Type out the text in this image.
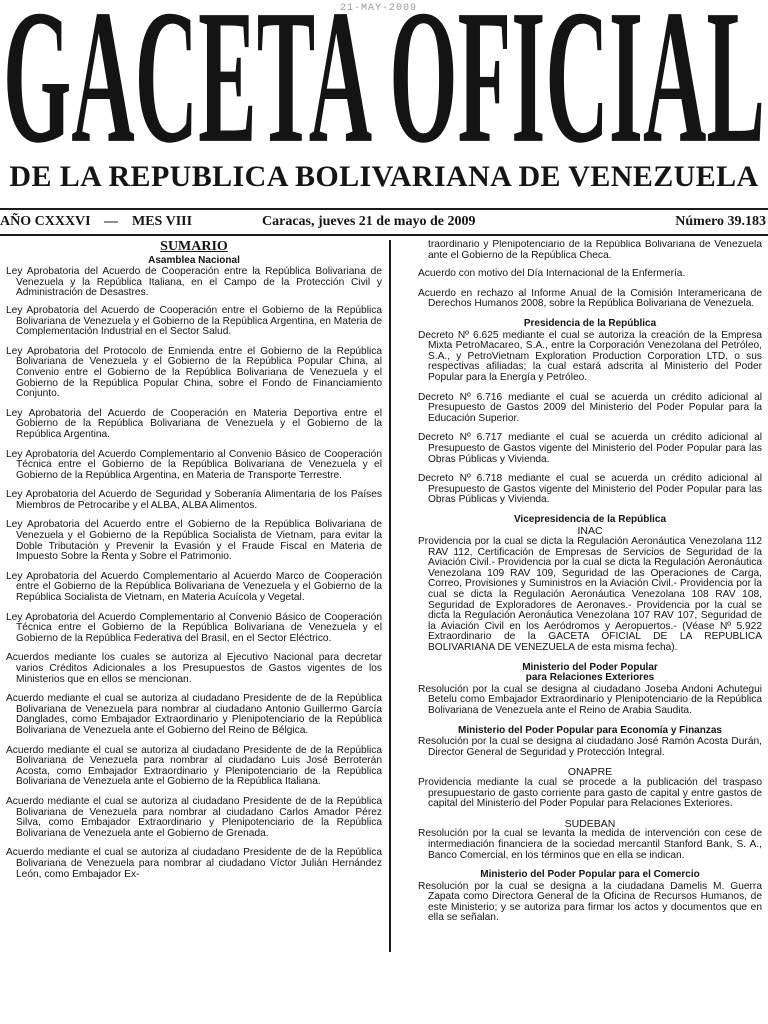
21-MAY-2009
GACETA OFICIAL
DE LA REPUBLICA BOLIVARIANA DE VENEZUELA
AÑO CXXXVI — MES VIII	Caracas, jueves 21 de mayo de 2009	Número 39.183
SUMARIO
Asamblea Nacional

Ley Aprobatoria del Acuerdo de Cooperación entre la República Bolivariana de Venezuela y la República Italiana, en el Campo de la Protección Civil y Administración de Desastres.

Ley Aprobatoria del Acuerdo de Cooperación entre el Gobierno de la República Bolivariana de Venezuela y el Gobierno de la República Argentina, en Materia de Complementación Industrial en el Sector Salud.

Ley Aprobatoria del Protocolo de Enmienda entre el Gobierno de la República Bolivariana de Venezuela y el Gobierno de la República Popular China, al Convenio entre el Gobierno de la República Bolivariana de Venezuela y el Gobierno de la República Popular China, sobre el Fondo de Financiamiento Conjunto.

Ley Aprobatoria del Acuerdo de Cooperación en Materia Deportiva entre el Gobierno de la República Bolivariana de Venezuela y el Gobierno de la República Argentina.

Ley Aprobatoria del Acuerdo Complementario al Convenio Básico de Cooperación Técnica entre el Gobierno de la República Bolivariana de Venezuela y el Gobierno de la República Argentina, en Materia de Transporte Terrestre.

Ley Aprobatoria del Acuerdo de Seguridad y Soberanía Alimentaria de los Países Miembros de Petrocaribe y el ALBA, ALBA Alimentos.

Ley Aprobatoria del Acuerdo entre el Gobierno de la República Bolivariana de Venezuela y el Gobierno de la República Socialista de Vietnam, para evitar la Doble Tributación y Prevenir la Evasión y el Fraude Fiscal en Materia de Impuesto Sobre la Renta y Sobre el Patrimonio.

Ley Aprobatoria del Acuerdo Complementario al Acuerdo Marco de Cooperación entre el Gobierno de la República Bolivariana de Venezuela y el Gobierno de la República Socialista de Vietnam, en Materia Acuícola y Vegetal.

Ley Aprobatoria del Acuerdo Complementario al Convenio Básico de Cooperación Técnica entre el Gobierno de la República Bolivariana de Venezuela y el Gobierno de la República Federativa del Brasil, en el Sector Eléctrico.

Acuerdos mediante los cuales se autoriza al Ejecutivo Nacional para decretar varios Créditos Adicionales a los Presupuestos de Gastos vigentes de los Ministerios que en ellos se mencionan.

Acuerdo mediante el cual se autoriza al ciudadano Presidente de de la República Bolivariana de Venezuela para nombrar al ciudadano Antonio Guillermo García Danglades, como Embajador Extraordinario y Plenipotenciario de la República Bolivariana de Venezuela ante el Gobierno del Reino de Bélgica.

Acuerdo mediante el cual se autoriza al ciudadano Presidente de de la República Bolivariana de Venezuela para nombrar al ciudadano Luis José Berroterán Acosta, como Embajador Extraordinario y Plenipotenciario de la República Bolivariana de Venezuela ante el Gobierno de la República Italiana.

Acuerdo mediante el cual se autoriza al ciudadano Presidente de de la República Bolivariana de Venezuela para nombrar al ciudadano Carlos Amador Pérez Silva, como Embajador Extraordinario y Plenipotenciario de la República Bolivariana de Venezuela ante el Gobierno de Grenada.

Acuerdo mediante el cual se autoriza al ciudadano Presidente de de la República Bolivariana de Venezuela para nombrar al ciudadano Víctor Julián Hernández León, como Embajador Ex-

traordinario y Plenipotenciario de la República Bolivariana de Venezuela ante el Gobierno de la República Checa.

Acuerdo con motivo del Día Internacional de la Enfermería.

Acuerdo en rechazo al Informe Anual de la Comisión Interamericana de Derechos Humanos 2008, sobre la República Bolivariana de Venezuela.

Presidencia de la República

Decreto Nº 6.625 mediante el cual se autoriza la creación de la Empresa Mixta PetroMacareo, S.A., entre la Corporación Venezolana del Petróleo, S.A., y PetroVietnam Exploration Production Corporation LTD, o sus respectivas afiliadas; la cual estará adscrita al Ministerio del Poder Popular para la Energía y Petróleo.

Decreto Nº 6.716 mediante el cual se acuerda un crédito adicional al Presupuesto de Gastos 2009 del Ministerio del Poder Popular para la Educación Superior.

Decreto Nº 6.717 mediante el cual se acuerda un crédito adicional al Presupuesto de Gastos vigente del Ministerio del Poder Popular para las Obras Públicas y Vivienda.

Decreto Nº 6.718 mediante el cual se acuerda un crédito adicional al Presupuesto de Gastos vigente del Ministerio del Poder Popular para las Obras Públicas y Vivienda.

Vicepresidencia de la República
INAC

Providencia por la cual se dicta la Regulación Aeronáutica Venezolana 112 RAV 112, Certificación de Empresas de Servicios de Seguridad de la Aviación Civil.- Providencia por la cual se dicta la Regulación Aeronáutica Venezolana 109 RAV 109, Seguridad de las Operaciones de Carga, Correo, Provisiones y Suministros en la Aviación Civil.- Providencia por la cual se dicta la Regulación Aeronáutica Venezolana 108 RAV 108, Seguridad de Exploradores de Aeronaves.- Providencia por la cual se dicta la Regulación Aeronáutica Venezolana 107 RAV 107, Seguridad de la Aviación Civil en los Aeródromos y Aeropuertos.- (Véase Nº 5.922 Extraordinario de la GACETA OFICIAL DE LA REPUBLICA BOLIVARIANA DE VENEZUELA de esta misma fecha).

Ministerio del Poder Popular
para Relaciones Exteriores

Resolución por la cual se designa al ciudadano Joseba Andoni Achutegui Betelu como Embajador Extraordinario y Plenipotenciario de la República Bolivariana de Venezuela ante el Reino de Arabia Saudita.

Ministerio del Poder Popular para Economía y Finanzas

Resolución por la cual se designa al ciudadano José Ramón Acosta Durán, Director General de Seguridad y Protección Integral.

ONAPRE

Providencia mediante la cual se procede a la publicación del traspaso presupuestario de gasto corriente para gasto de capital y entre gastos de capital del Ministerio del Poder Popular para Relaciones Exteriores.

SUDEBAN

Resolución por la cual se levanta la medida de intervención con cese de intermediación financiera de la sociedad mercantil Stanford Bank, S. A., Banco Comercial, en los términos que en ella se indican.

Ministerio del Poder Popular para el Comercio

Resolución por la cual se designa a la ciudadana Damelis M. Guerra Zapata como Directora General de la Oficina de Recursos Humanos, de este Ministerio; y se autoriza para firmar los actos y documentos que en ella se señalan.
